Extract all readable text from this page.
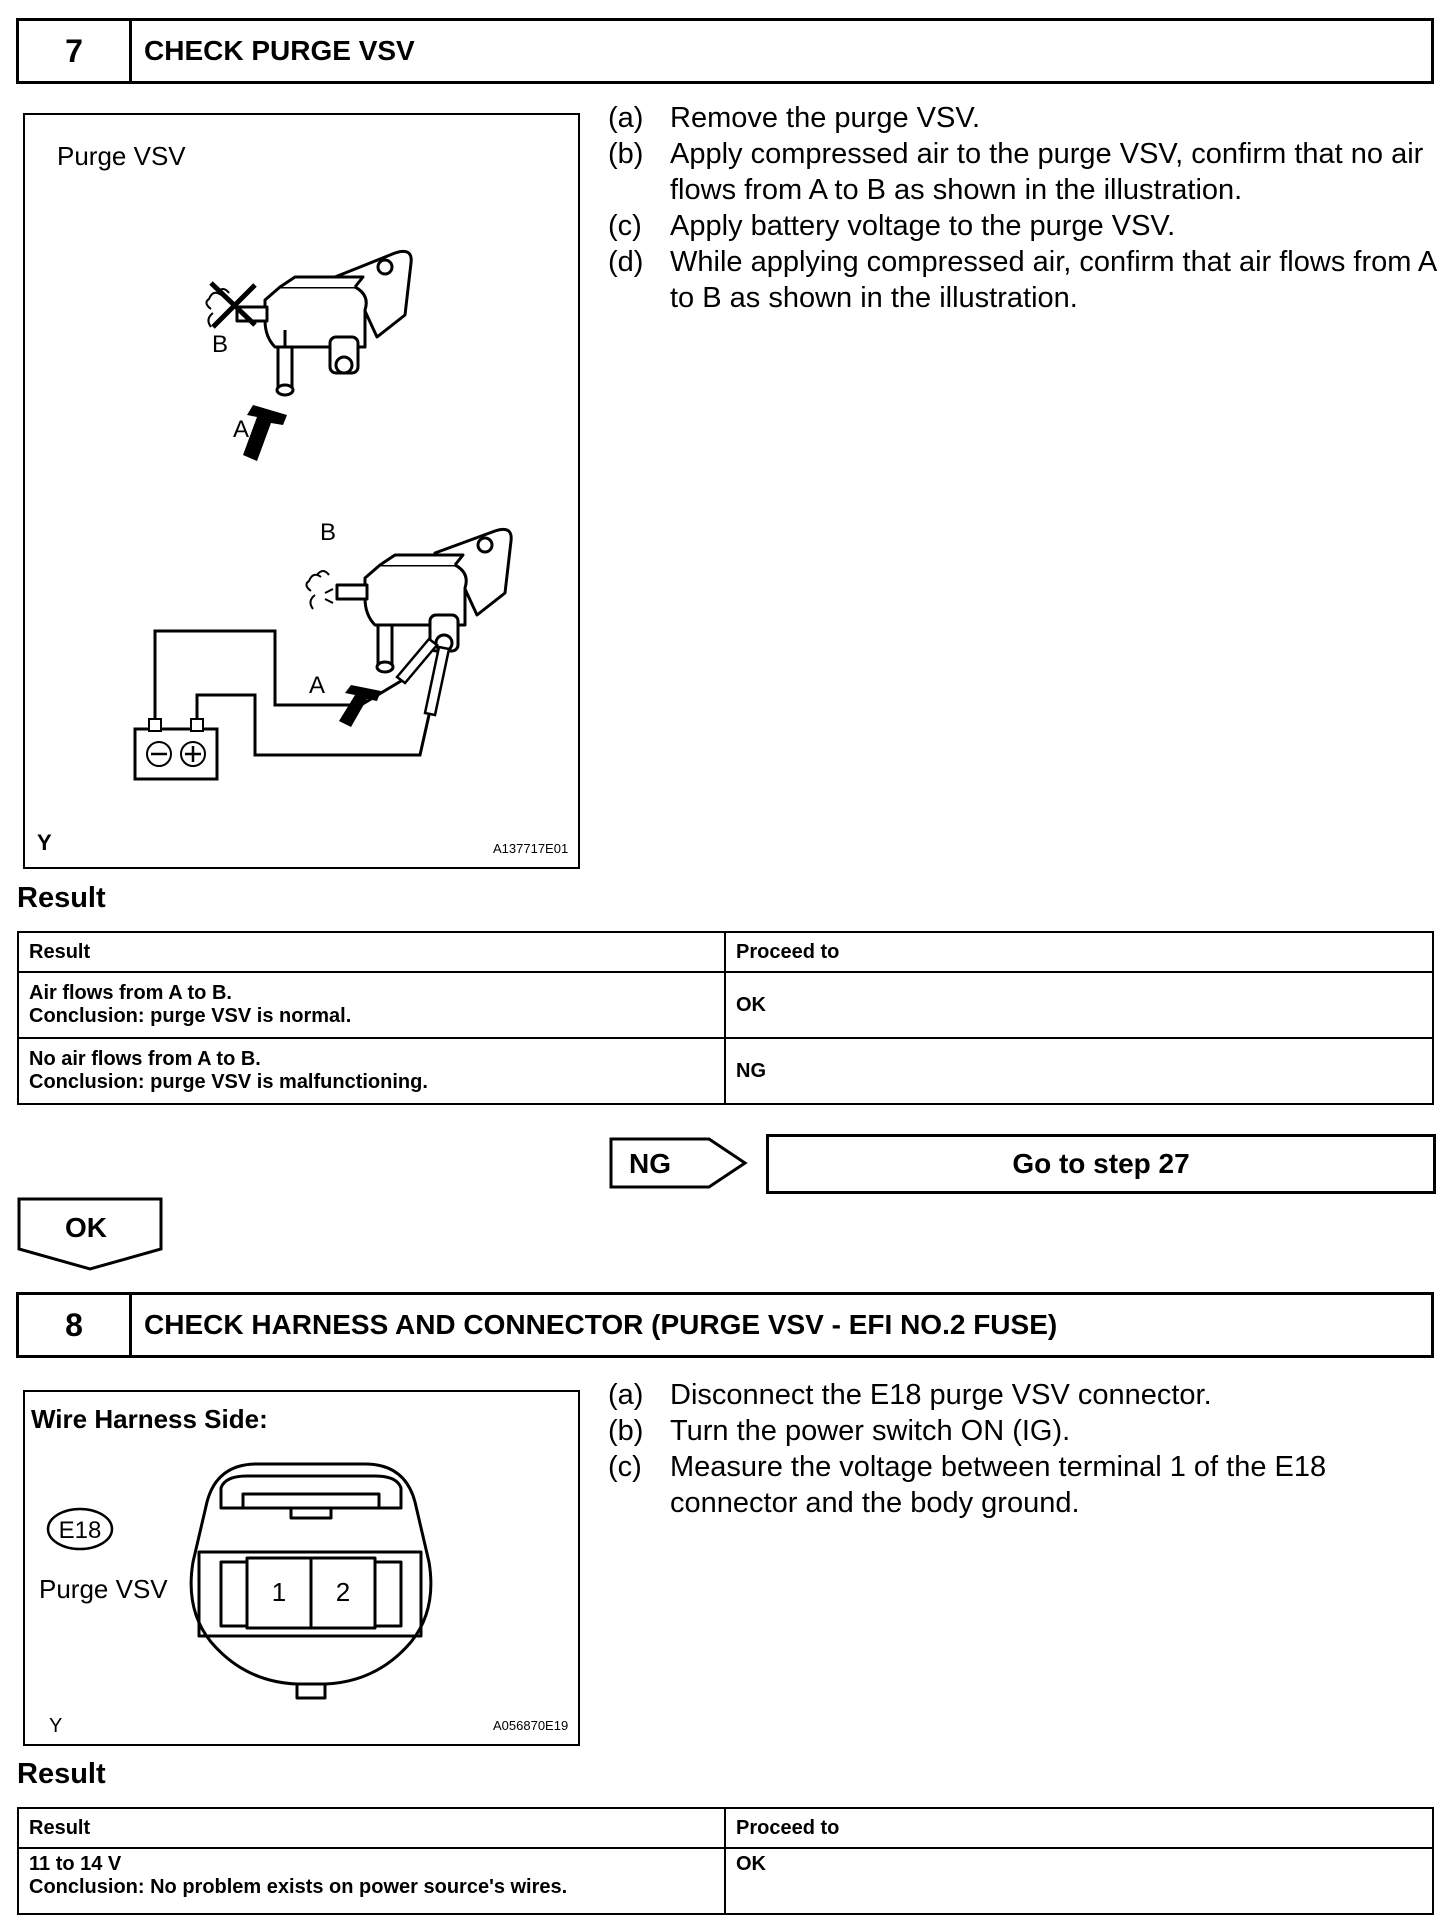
7	CHECK PURGE VSV
Purge VSV
B
A
B
A
Y	A137717E01
(a) Remove the purge VSV.
(b) Apply compressed air to the purge VSV, confirm that no air flows from A to B as shown in the illustration.
(c) Apply battery voltage to the purge VSV.
(d) While applying compressed air, confirm that air flows from A to B as shown in the illustration.
Result
Result	Proceed to

Air flows from A to B.
Conclusion: purge VSV is normal.	OK

No air flows from A to B.
Conclusion: purge VSV is malfunctioning.	NG
NG	Go to step 27
OK
8	CHECK HARNESS AND CONNECTOR (PURGE VSV - EFI NO.2 FUSE)
Wire Harness Side:
E18
Purge VSV	1 2
Y	A056870E19
(a) Disconnect the E18 purge VSV connector.
(b) Turn the power switch ON (IG).
(c) Measure the voltage between terminal 1 of the E18 connector and the body ground.
Result
Result	Proceed to

11 to 14 V
Conclusion: No problem exists on power source's wires.	OK
